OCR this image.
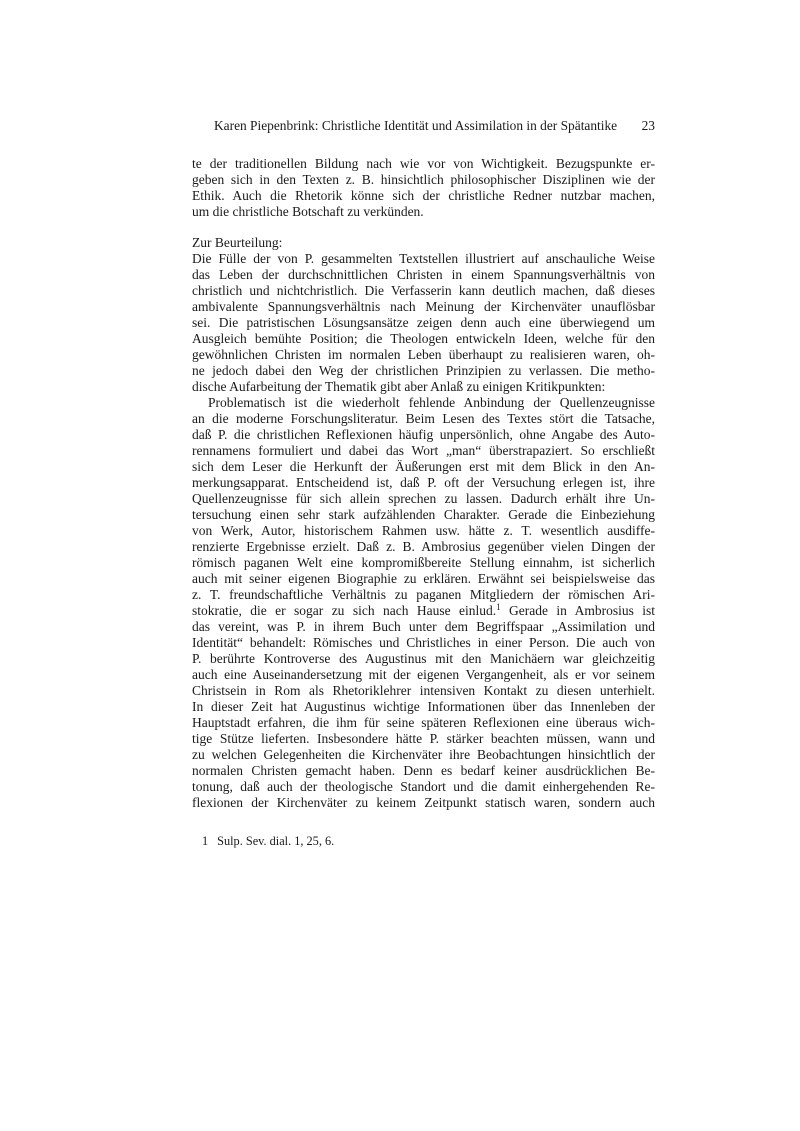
Karen Piepenbrink: Christliche Identität und Assimilation in der Spätantike 23
te der traditionellen Bildung nach wie vor von Wichtigkeit. Bezugspunkte er-
geben sich in den Texten z. B. hinsichtlich philosophischer Disziplinen wie der
Ethik. Auch die Rhetorik könne sich der christliche Redner nutzbar machen,
um die christliche Botschaft zu verkünden.
Zur Beurteilung:
Die Fülle der von P. gesammelten Textstellen illustriert auf anschauliche Weise
das Leben der durchschnittlichen Christen in einem Spannungsverhältnis von
christlich und nichtchristlich. Die Verfasserin kann deutlich machen, daß dieses
ambivalente Spannungsverhältnis nach Meinung der Kirchenväter unauflösbar
sei. Die patristischen Lösungsansätze zeigen denn auch eine überwiegend um
Ausgleich bemühte Position; die Theologen entwickeln Ideen, welche für den
gewöhnlichen Christen im normalen Leben überhaupt zu realisieren waren, oh-
ne jedoch dabei den Weg der christlichen Prinzipien zu verlassen. Die metho-
dische Aufarbeitung der Thematik gibt aber Anlaß zu einigen Kritikpunkten:
Problematisch ist die wiederholt fehlende Anbindung der Quellenzeugnisse
an die moderne Forschungsliteratur. Beim Lesen des Textes stört die Tatsache,
daß P. die christlichen Reflexionen häufig unpersönlich, ohne Angabe des Auto-
rennamens formuliert und dabei das Wort „man“ überstrapaziert. So erschließt
sich dem Leser die Herkunft der Äußerungen erst mit dem Blick in den An-
merkungsapparat. Entscheidend ist, daß P. oft der Versuchung erlegen ist, ihre
Quellenzeugnisse für sich allein sprechen zu lassen. Dadurch erhält ihre Un-
tersuchung einen sehr stark aufzählenden Charakter. Gerade die Einbeziehung
von Werk, Autor, historischem Rahmen usw. hätte z. T. wesentlich ausdiffe-
renzierte Ergebnisse erzielt. Daß z. B. Ambrosius gegenüber vielen Dingen der
römisch paganen Welt eine kompromißbereite Stellung einnahm, ist sicherlich
auch mit seiner eigenen Biographie zu erklären. Erwähnt sei beispielsweise das
z. T. freundschaftliche Verhältnis zu paganen Mitgliedern der römischen Ari-
stokratie, die er sogar zu sich nach Hause einlud.$^1$ Gerade in Ambrosius ist
das vereint, was P. in ihrem Buch unter dem Begriffspaar „Assimilation und
Identität“ behandelt: Römisches und Christliches in einer Person. Die auch von
P. berührte Kontroverse des Augustinus mit den Manichäern war gleichzeitig
auch eine Auseinandersetzung mit der eigenen Vergangenheit, als er vor seinem
Christsein in Rom als Rhetoriklehrer intensiven Kontakt zu diesen unterhielt.
In dieser Zeit hat Augustinus wichtige Informationen über das Innenleben der
Hauptstadt erfahren, die ihm für seine späteren Reflexionen eine überaus wich-
tige Stütze lieferten. Insbesondere hätte P. stärker beachten müssen, wann und
zu welchen Gelegenheiten die Kirchenväter ihre Beobachtungen hinsichtlich der
normalen Christen gemacht haben. Denn es bedarf keiner ausdrücklichen Be-
tonung, daß auch der theologische Standort und die damit einhergehenden Re-
flexionen der Kirchenväter zu keinem Zeitpunkt statisch waren, sondern auch
1 Sulp. Sev. dial. 1, 25, 6.
